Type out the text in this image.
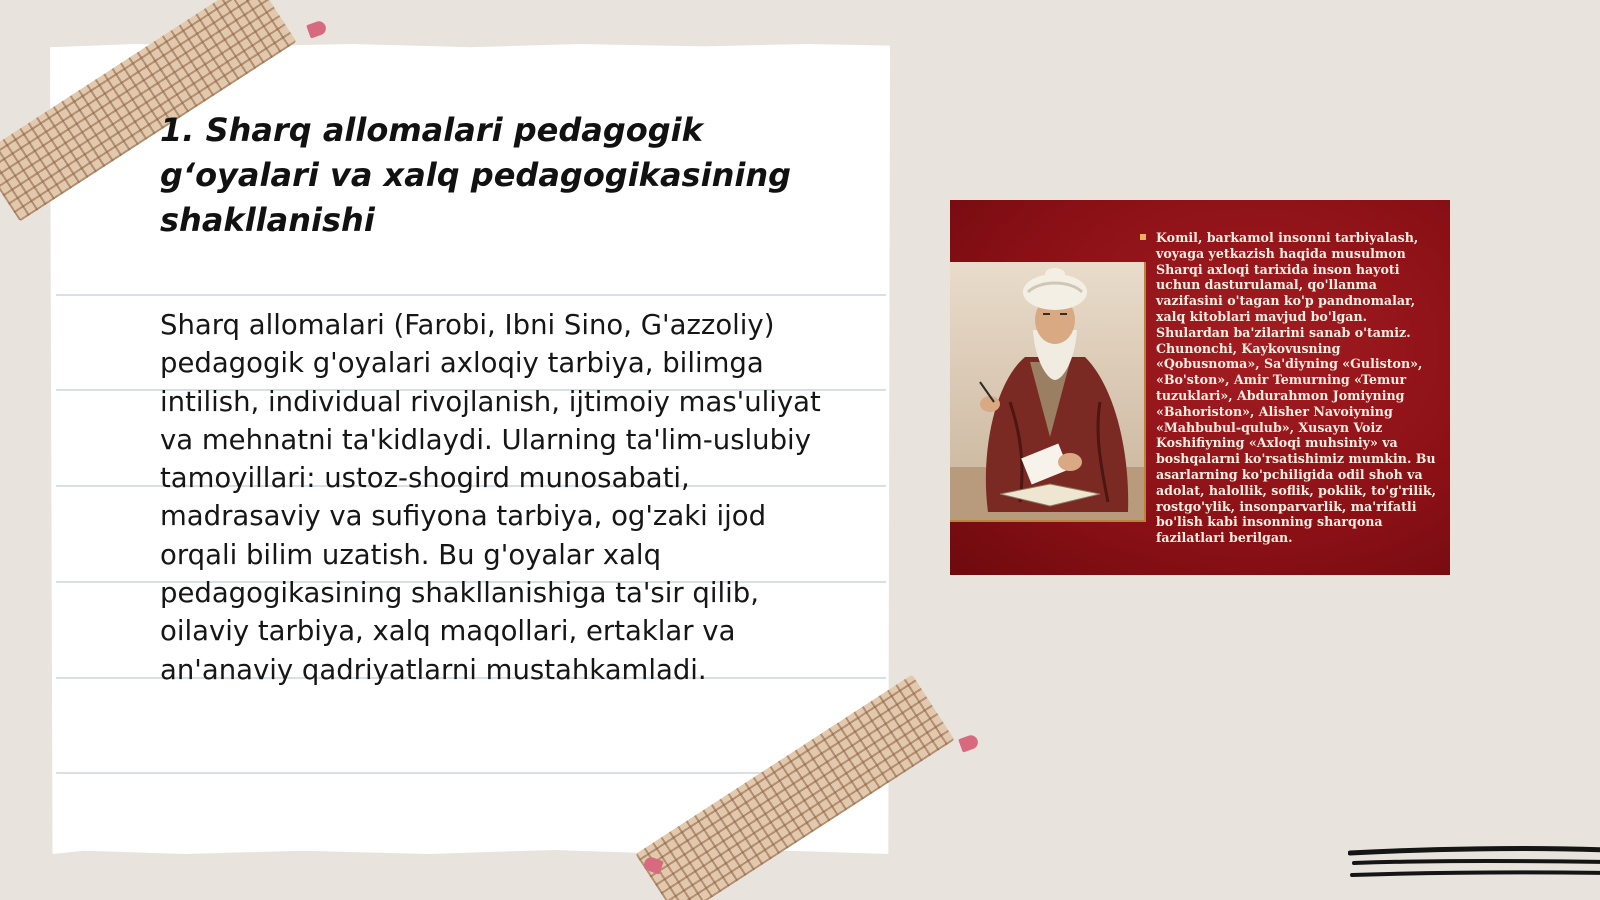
1. Sharq allomalari pedagogik g‘oyalari va xalq pedagogikasining shakllanishi

Sharq allomalari (Farobi, Ibni Sino, G'azzoliy) pedagogik g'oyalari axloqiy tarbiya, bilimga intilish, individual rivojlanish, ijtimoiy mas'uliyat va mehnatni ta'kidlaydi. Ularning ta'lim-uslubiy tamoyillari: ustoz-shogird munosabati, madrasaviy va sufiyona tarbiya, og'zaki ijod orqali bilim uzatish. Bu g'oyalar xalq pedagogikasining shakllanishiga ta'sir qilib, oilaviy tarbiya, xalq maqollari, ertaklar va an'anaviy qadriyatlarni mustahkamladi.

Komil, barkamol insonni tarbiyalash, voyaga yetkazish haqida musulmon Sharqi axloqi tarixida inson hayoti uchun dasturulamal, qo'llanma vazifasini o'tagan ko'p pandnomalar, xalq kitoblari mavjud bo'lgan. Shulardan ba'zilarini sanab o'tamiz. Chunonchi, Kaykovusning «Qobusnoma», Sa'diyning «Guliston», «Bo'ston», Amir Temurning «Temur tuzuklari», Abdurahmon Jomiyning «Bahoriston», Alisher Navoiyning «Mahbubul-qulub», Xusayn Voiz Koshifiyning «Axloqi muhsiniy» va boshqalarni ko'rsatishimiz mumkin. Bu asarlarning ko'pchiligida odil shoh va adolat, halollik, soflik, poklik, to'g'rilik, rostgo'ylik, insonparvarlik, ma'rifatli bo'lish kabi insonning sharqona fazilatlari berilgan.
